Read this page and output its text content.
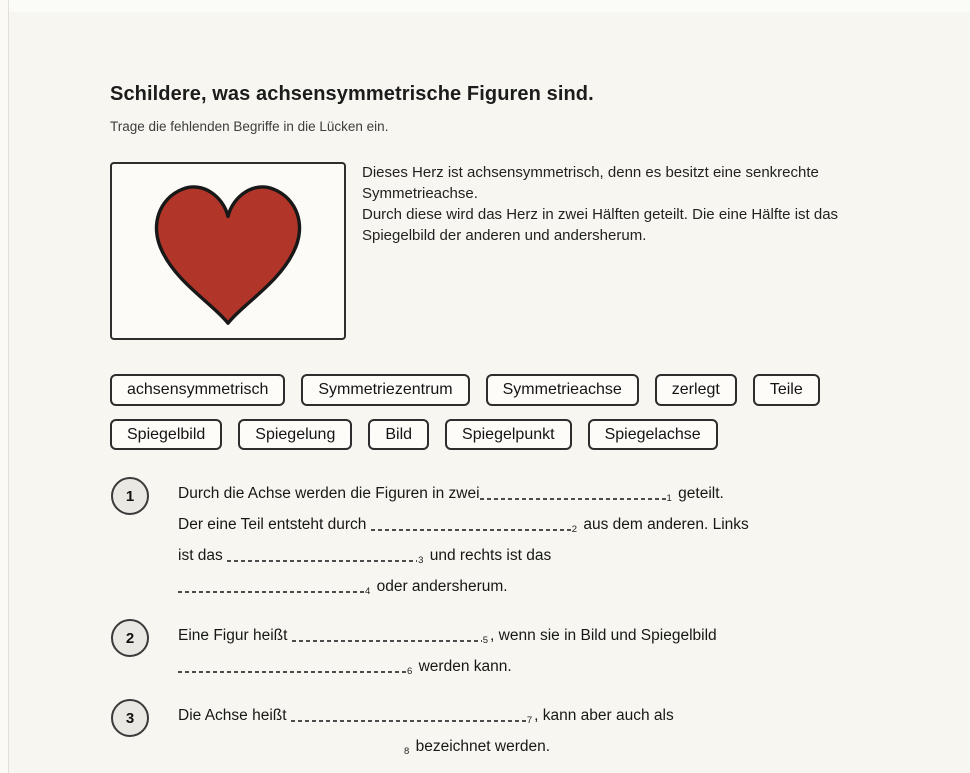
Schildere, was achsensymmetrische Figuren sind.
Trage die fehlenden Begriffe in die Lücken ein.
Dieses Herz ist achsensymmetrisch, denn es besitzt eine senkrechte
Symmetrieachse.
Durch diese wird das Herz in zwei Hälften geteilt. Die eine Hälfte ist das
Spiegelbild der anderen und andersherum.
achsensymmetrisch	Symmetriezentrum	Symmetrieachse	zerlegt	Teile
Spiegelbild	Spiegelung	Bild	Spiegelpunkt	Spiegelachse
1	Durch die Achse werden die Figuren in zwei	1 geteilt.
Der eine Teil entsteht durch	2 aus dem anderen. Links
ist das	3 und rechts ist das
4 oder andersherum.
2	Eine Figur heißt	5 , wenn sie in Bild und Spiegelbild
6 werden kann.
3	Die Achse heißt	7 , kann aber auch als
8 bezeichnet werden.
